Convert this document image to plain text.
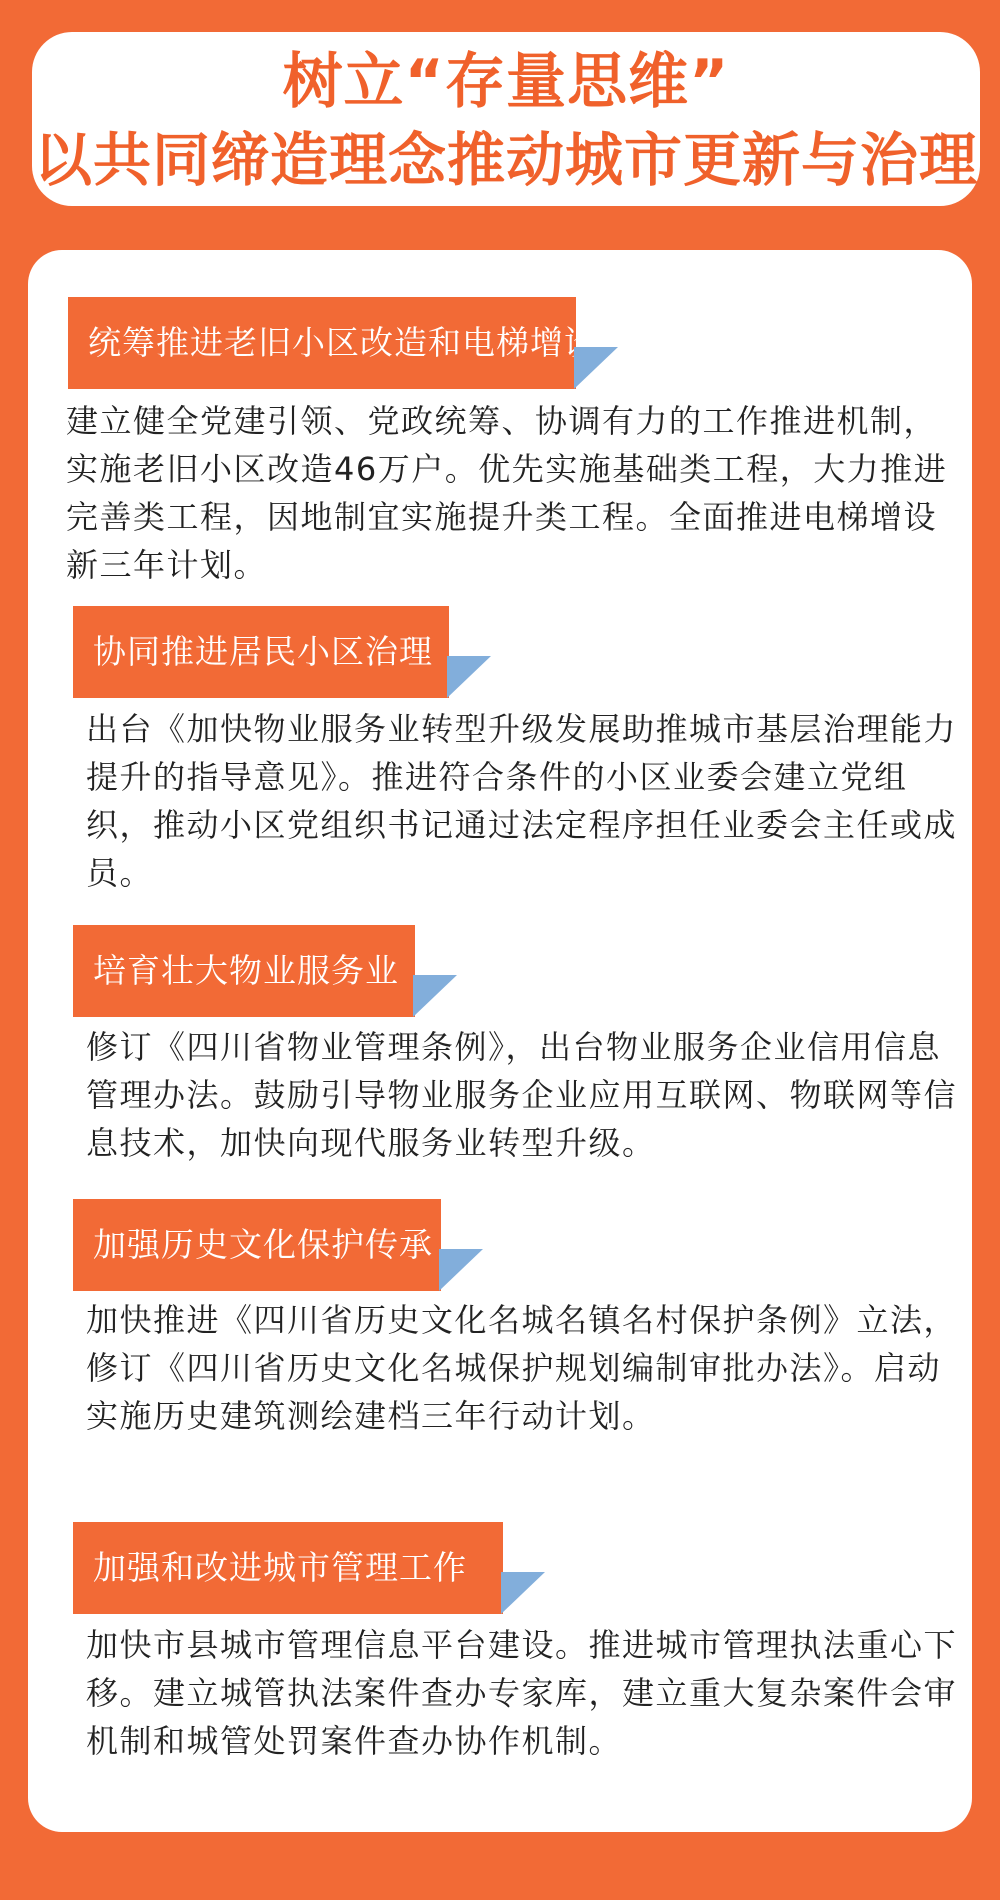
树立“存量思维”

以共同缔造理念推动城市更新与治理

统筹推进老旧小区改造和电梯增设

建立健全党建引领、党政统筹、协调有力的工作推进机制，实施老旧小区改造46万户。优先实施基础类工程，大力推进完善类工程，因地制宜实施提升类工程。全面推进电梯增设新三年计划。

协同推进居民小区治理

出台《加快物业服务业转型升级发展助推城市基层治理能力提升的指导意见》。推进符合条件的小区业委会建立党组织，推动小区党组织书记通过法定程序担任业委会主任或成员。

培育壮大物业服务业

修订《四川省物业管理条例》，出台物业服务企业信用信息管理办法。鼓励引导物业服务企业应用互联网、物联网等信息技术，加快向现代服务业转型升级。

加强历史文化保护传承

加快推进《四川省历史文化名城名镇名村保护条例》立法，修订《四川省历史文化名城保护规划编制审批办法》。启动实施历史建筑测绘建档三年行动计划。

加强和改进城市管理工作

加快市县城市管理信息平台建设。推进城市管理执法重心下移。建立城管执法案件查办专家库，建立重大复杂案件会审机制和城管处罚案件查办协作机制。
